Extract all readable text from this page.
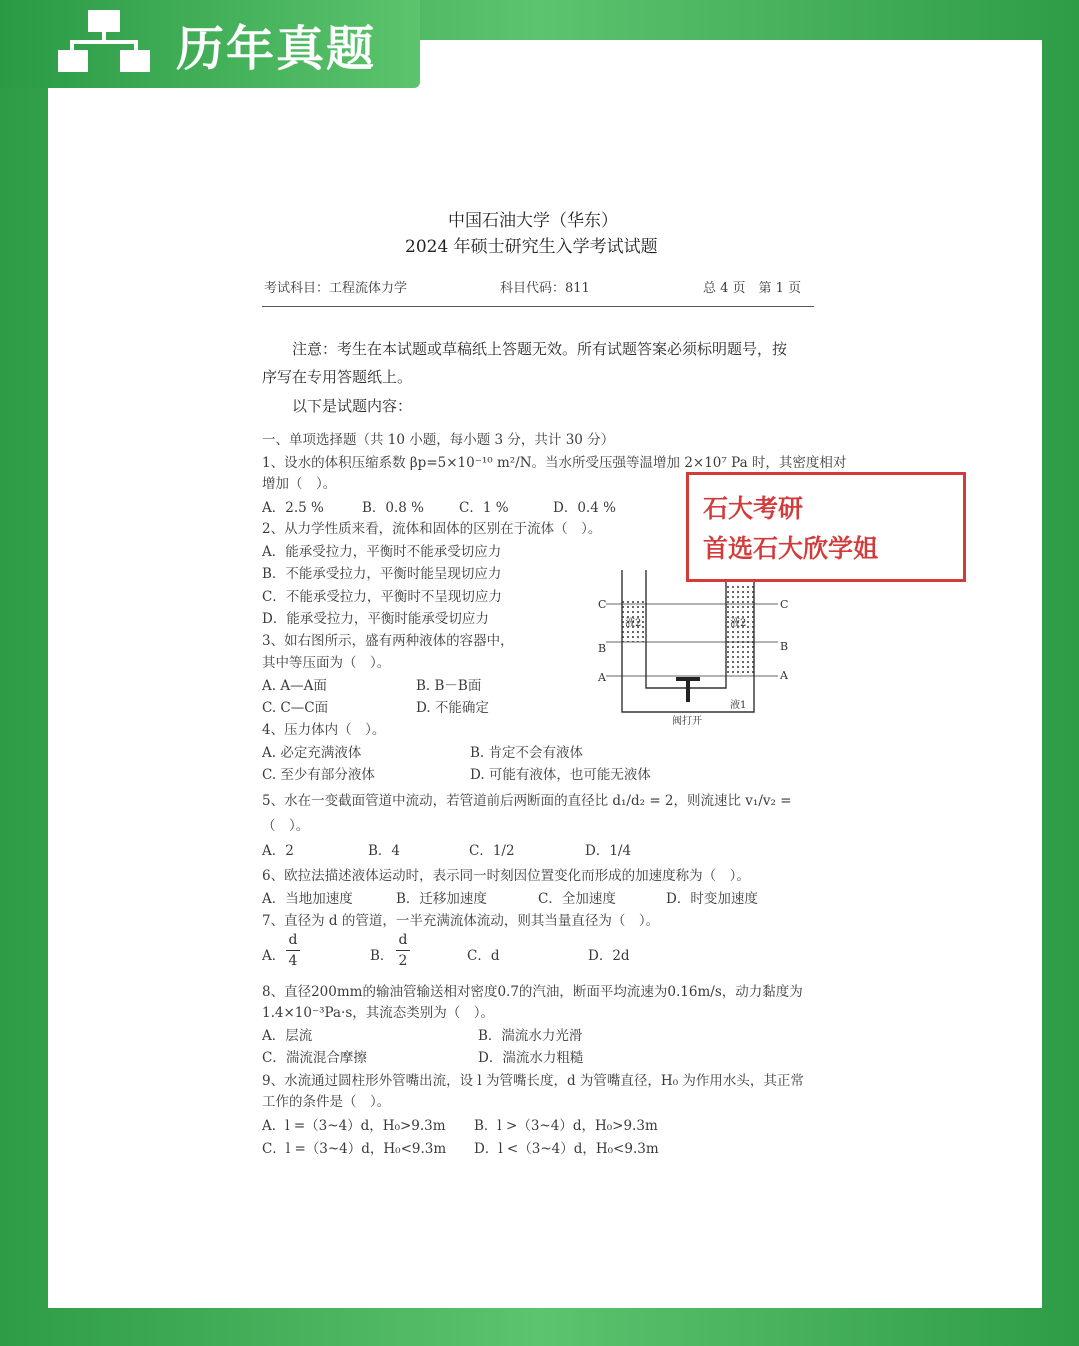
历年真题
中国石油大学（华东）
2024 年硕士研究生入学考试试题
考试科目：工程流体力学	科目代码：811	总 4 页　第 1 页
注意：考生在本试题或草稿纸上答题无效。所有试题答案必须标明题号，按
序写在专用答题纸上。
以下是试题内容：
一、单项选择题（共 10 小题，每小题 3 分，共计 30 分）
1、设水的体积压缩系数 βp=5×10⁻¹⁰ m²/N。当水所受压强等温增加 2×10⁷ Pa 时，其密度相对
增加（　）。
A．2.5 %	B．0.8 %	C．1 %	D．0.4 %
2、从力学性质来看，流体和固体的区别在于流体（　）。
A．能承受拉力，平衡时不能承受切应力
B．不能承受拉力，平衡时能呈现切应力
C．不能承受拉力，平衡时不呈现切应力
D．能承受拉力，平衡时能承受切应力
3、如右图所示，盛有两种液体的容器中，
其中等压面为（　）。
A. A—A面	B. B－B面
C. C—C面	D. 不能确定
4、压力体内（　）。
A. 必定充满液体	B. 肯定不会有液体
C. 至少有部分液体	D. 可能有液体，也可能无液体
5、水在一变截面管道中流动，若管道前后两断面的直径比 d₁/d₂ = 2，则流速比 v₁/v₂ =
（　）。
A．2	B．4	C．1/2	D．1/4
6、欧拉法描述液体运动时，表示同一时刻因位置变化而形成的加速度称为（　）。
A．当地加速度	B．迁移加速度	C．全加速度	D．时变加速度
7、直径为 d 的管道，一半充满流体流动，则其当量直径为（　）。
A．
d
4	B．
d
2	C．d	D．2d
8、直径200mm的输油管输送相对密度0.7的汽油，断面平均流速为0.16m/s，动力黏度为
1.4×10⁻³Pa·s，其流态类别为（　）。
A．层流	B．湍流水力光滑
C．湍流混合摩擦	D．湍流水力粗糙
9、水流通过圆柱形外管嘴出流，设 l 为管嘴长度，d 为管嘴直径，H₀ 为作用水头，其正常
工作的条件是（　）。
A．l =（3~4）d，H₀>9.3m B．l >（3~4）d，H₀>9.3m
C．l =（3~4）d，H₀<9.3m D．l <（3~4）d，H₀<9.3m
C	C
B	B
A	A
液2	液2
液1
阀打开
石大考研
首选石大欣学姐
